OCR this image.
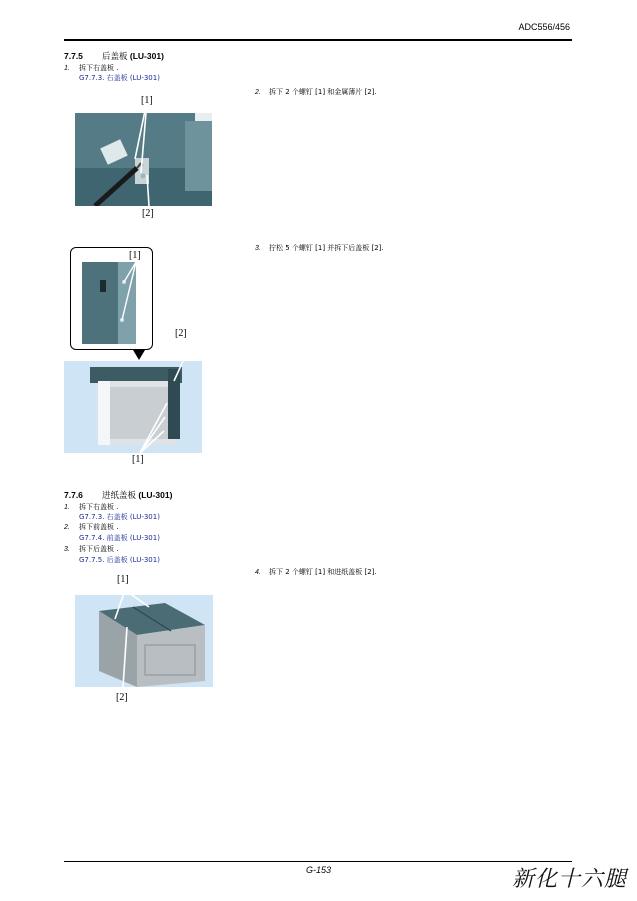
ADC556/456
7.7.5 后盖板 (LU-301)
1. 拆下右盖板 .
G7.7.3. 右盖板 (LU-301)
2. 拆下 2 个螺钉 [1] 和金属薄片 [2].
[1]
[2]
3. 拧松 5 个螺钉 [1] 并拆下后盖板 [2].
[1]
[2]
[1]
7.7.6 进纸盖板 (LU-301)
1. 拆下右盖板 .
G7.7.3. 右盖板 (LU-301)
2. 拆下前盖板 .
G7.7.4. 前盖板 (LU-301)
3. 拆下后盖板 .
G7.7.5. 后盖板 (LU-301)
4. 拆下 2 个螺钉 [1] 和进纸盖板 [2].
[1]
[2]
G-153	新化十六腿
